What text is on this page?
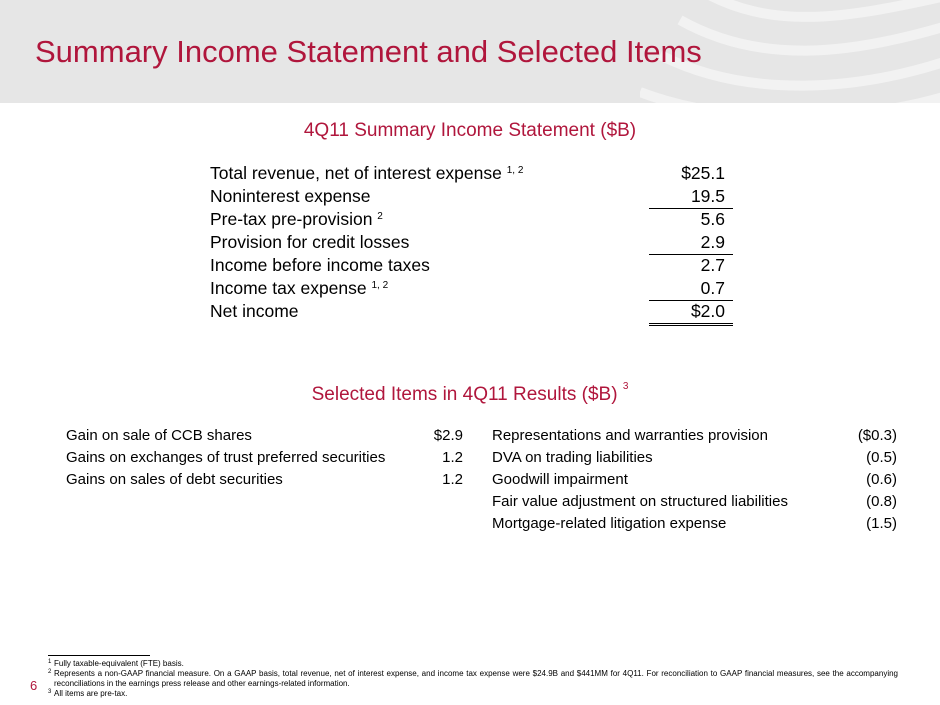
Summary Income Statement and Selected Items
4Q11 Summary Income Statement ($B)
Total revenue, net of interest expense $^{1, 2}$	$25.1
Noninterest expense	19.5
Pre-tax pre-provision $^2$	5.6
Provision for credit losses	2.9
Income before income taxes	2.7
Income tax expense $^{1, 2}$	0.7
Net income	$2.0
Selected Items in 4Q11 Results ($B) $^3$
Gain on sale of CCB shares	$2.9
Gains on exchanges of trust preferred securities	1.2
Gains on sales of debt securities	1.2
Representations and warranties provision	($0.3)
DVA on trading liabilities	(0.5)
Goodwill impairment	(0.6)
Fair value adjustment on structured liabilities	(0.8)
Mortgage-related litigation expense	(1.5)
1 Fully taxable-equivalent (FTE) basis.
2 Represents a non-GAAP financial measure. On a GAAP basis, total revenue, net of interest expense, and income tax expense were $24.9B and $441MM for 4Q11. For reconciliation to GAAP financial measures, see the accompanying reconciliations in the earnings press release and other earnings-related information.
3 All items are pre-tax.
6
